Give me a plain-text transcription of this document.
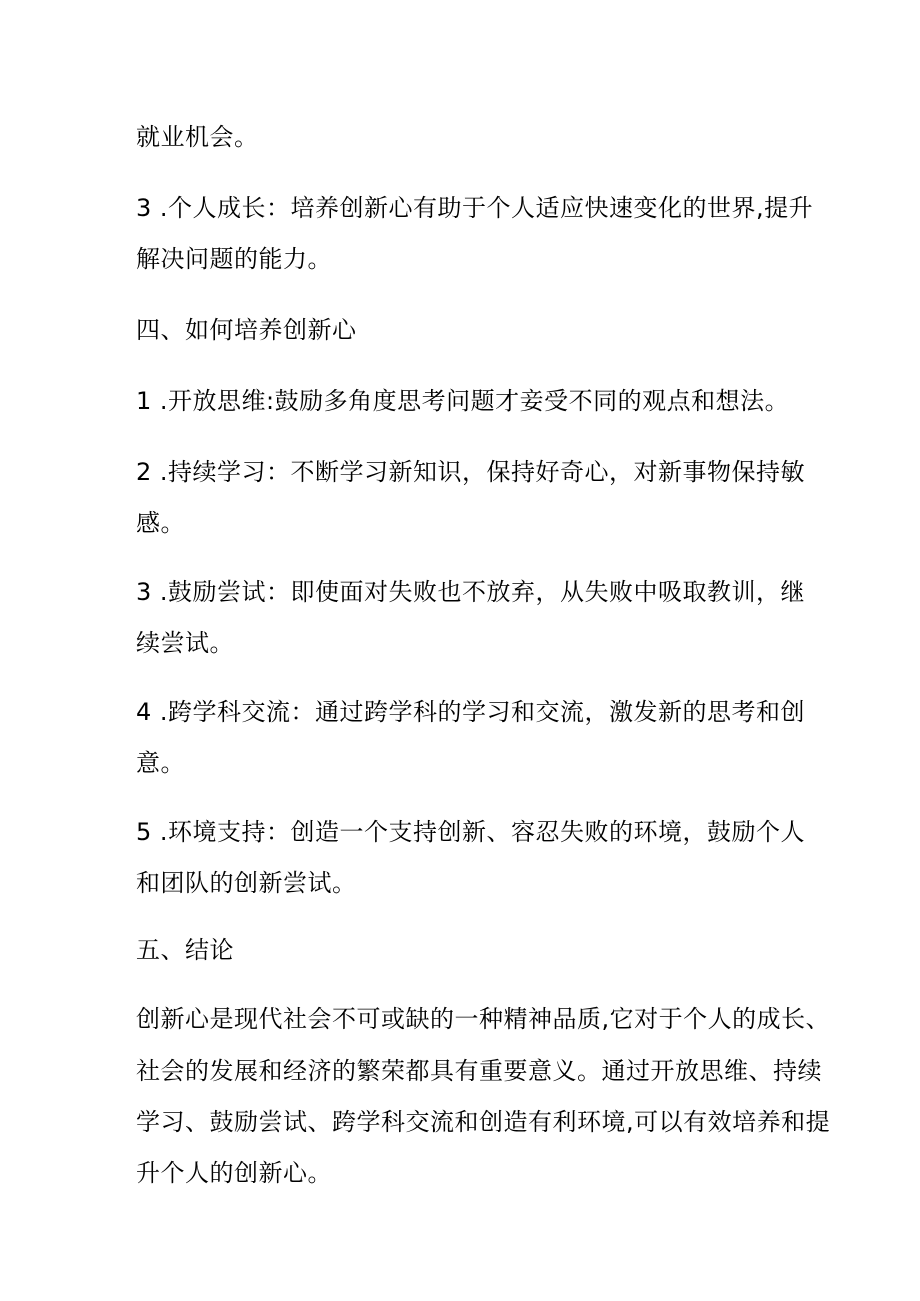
就业机会。
3 .个人成长：培养创新心有助于个人适应快速变化的世界,提升
解决问题的能力。
四、如何培养创新心
1 .开放思维:鼓励多角度思考问题才妾受不同的观点和想法。
2 .持续学习：不断学习新知识，保持好奇心，对新事物保持敏
感。
3 .鼓励尝试：即使面对失败也不放弃，从失败中吸取教训，继
续尝试。
4 .跨学科交流：通过跨学科的学习和交流，激发新的思考和创
意。
5 .环境支持：创造一个支持创新、容忍失败的环境，鼓励个人
和团队的创新尝试。
五、结论
创新心是现代社会不可或缺的一种精神品质,它对于个人的成长、
社会的发展和经济的繁荣都具有重要意义。通过开放思维、持续
学习、鼓励尝试、跨学科交流和创造有利环境,可以有效培养和提
升个人的创新心。
